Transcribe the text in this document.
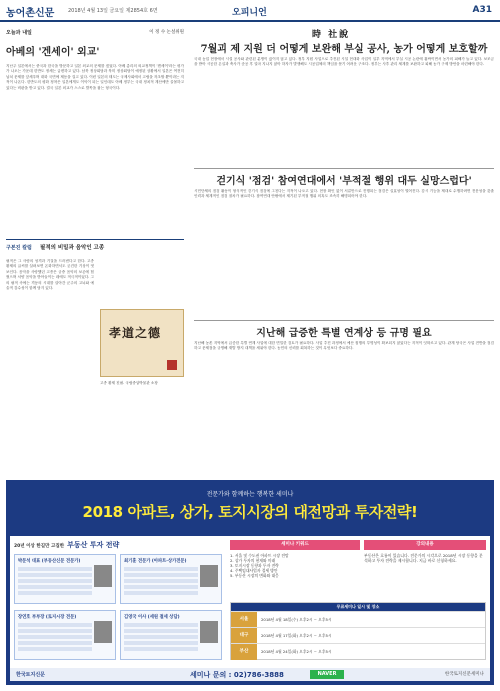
농어촌신문	2018년 4월 13일 금요일 제2854호 6면	오피니언	A31
오늘과 내일	이 정 수 논설위원
아베의 '겐세이' 외교'
지난주 일본에서는 중국과 한국을 방문하고 일본 외교의 문제를 짚었다. 아베 총리의 외교정책이 '겐세이'라는 평가가 나오는 가운데 한반도 정세는 급변하고 있다. 남북 정상회담과 북미 정상회담이 예정된 상황에서 일본은 여전히 납치 문제를 앞세우며 대화 국면에 제동을 걸고 있다. 이런 일본의 태도는 국제사회에서 고립을 자초할 뿐이라는 지적이 나온다. 한반도의 평화 정착은 일본에게도 이익이 되는 일인데도 아베 정부는 국내 정치적 계산에만 골몰하고 있다는 비판을 받고 있다. 결국 일본 외교가 스스로 발목을 잡는 형국이다.
구본진 칼럼 필적의 비밀과 음악인 고종
필적은 그 사람의 성격과 기질을 드러낸다고 한다. 고종 황제의 글씨를 살펴보면 온화하면서도 굳건한 기상이 엿보인다. 음악을 사랑했던 고종은 궁중 음악의 보존에 힘썼으며 서양 음악을 받아들이는 데에도 적극적이었다. 그의 필적 속에는 격동의 시대를 살아간 군주의 고뇌와 예술적 감수성이 함께 담겨 있다.
孝道之德
고종 황제 친필. 국립중앙박물관 소장
時 社說
7월괴 제 지원 더 어떻게 보완해 부실 공사, 농가 어떻게 보호할까
국내 농업 현장에서 시설 공사와 관련된 분쟁이 끊이지 않고 있다. 정부 지원 사업으로 추진된 시설 현대화 사업이 일부 지역에서 부실 시공 논란에 휩싸이면서 농가의 피해가 늘고 있다. 보조금을 받아 시공한 온실과 축사가 준공 후 얼마 지나지 않아 하자가 발생해도 시공업체의 책임을 묻기 어려운 구조다. 정부는 사후 관리 체계를 보완하고 피해 농가 구제 방안을 마련해야 한다.
걷기식 '점검' 참여연대에서 '부적절 행위 대두 실망스럽다'
시민단체의 점검 활동이 형식적인 걷기식 점검에 그친다는 지적이 나오고 있다. 현장 확인 없이 서류만으로 진행되는 점검은 실효성이 떨어진다. 감시 기능을 제대로 수행하려면 전문성을 갖춘 인력과 체계적인 점검 절차가 필요하다. 참여연대 안팎에서 제기된 부적절 행위 의혹도 조속히 해명되어야 한다.
지난해 급증한 특별 연계상 등 규명 필요
지난해 농촌 지역에서 급증한 특별 연계 사업에 대한 면밀한 검토가 필요하다. 사업 추진 과정에서 예산 집행의 투명성이 확보되지 않았다는 지적이 잇따르고 있다. 관계 당국은 사업 전반을 점검하고 문제점을 규명해 재발 방지 대책을 세워야 한다. 농민의 신뢰를 회복하는 것이 무엇보다 중요하다.
전문가와 함께하는 행복한 세미나
2018 아파트, 상가, 토지시장의 대전망과 투자전략!
20년 이상 한길만 고집한 부동산 투자 전략
박문석 대표 (부동산신문 전문가)	최기훈 전문가 (아파트·상가전문)
장연호 부부장 (토지시장 전문)	김영국 이사 (세원 절세 상담)
세미나 키워드
1. 서울 및 수도권 아파트 시장 전망
2. 상가 투자의 현재와 미래
3. 토지시장 동향과 투자 전략
4. 주택임대사업자 절세 방안
5. 부동산 시장의 변화와 대응
강의내용
부동산은 흐름이 있습니다. 전문가의 시각으로 2018년 시장 동향을 분석하고 투자 전략을 제시합니다. 지금 바로 신청하세요.
무료세미나 일시 및 장소
서울	2018년 4월 18일(수) 오후2시 ~ 오후5시
대구	2018년 4월 17일(화) 오후2시 ~ 오후5시
부산	2018년 4월 24일(화) 오후2시 ~ 오후5시
한국토지신문	세미나 문의 : 02)786-3888	NAVER	한국토지신문세미나
